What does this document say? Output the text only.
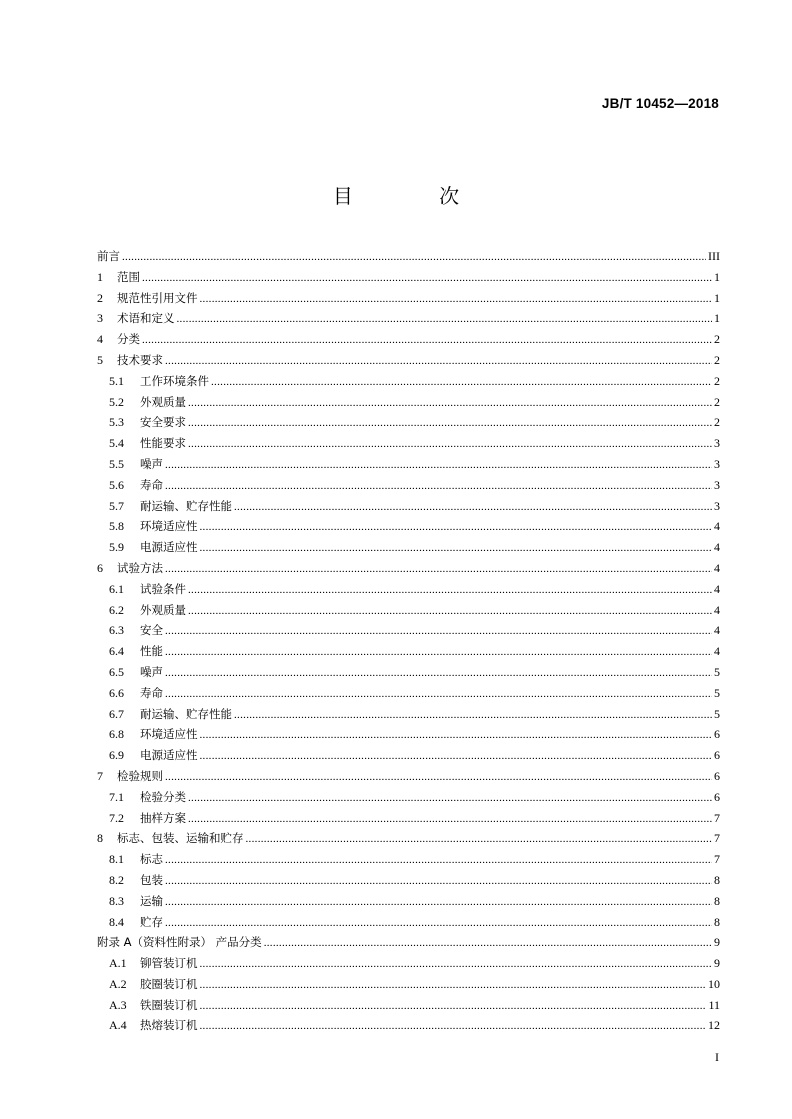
JB/T 10452—2018
目 次
前言 .....	III
1	范围 .....	1
2	规范性引用文件 .....	1
3	术语和定义 .....	1
4	分类 .....	2
5	技术要求 .....	2
5.1	工作环境条件 .....	2
5.2	外观质量 .....	2
5.3	安全要求 .....	2
5.4	性能要求 .....	3
5.5	噪声 .....	3
5.6	寿命 .....	3
5.7	耐运输、贮存性能 .....	3
5.8	环境适应性 .....	4
5.9	电源适应性 .....	4
6	试验方法 .....	4
6.1	试验条件 .....	4
6.2	外观质量 .....	4
6.3	安全 .....	4
6.4	性能 .....	4
6.5	噪声 .....	5
6.6	寿命 .....	5
6.7	耐运输、贮存性能 .....	5
6.8	环境适应性 .....	6
6.9	电源适应性 .....	6
7	检验规则 .....	6
7.1	检验分类 .....	6
7.2	抽样方案 .....	7
8	标志、包装、运输和贮存 .....	7
8.1	标志 .....	7
8.2	包装 .....	8
8.3	运输 .....	8
8.4	贮存 .....	8
附录 A（资料性附录） 产品分类 .....	9
A.1	铆管装订机 .....	9
A.2	胶圈装订机 .....	10
A.3	铁圈装订机 .....	11
A.4	热熔装订机 .....	12
I
